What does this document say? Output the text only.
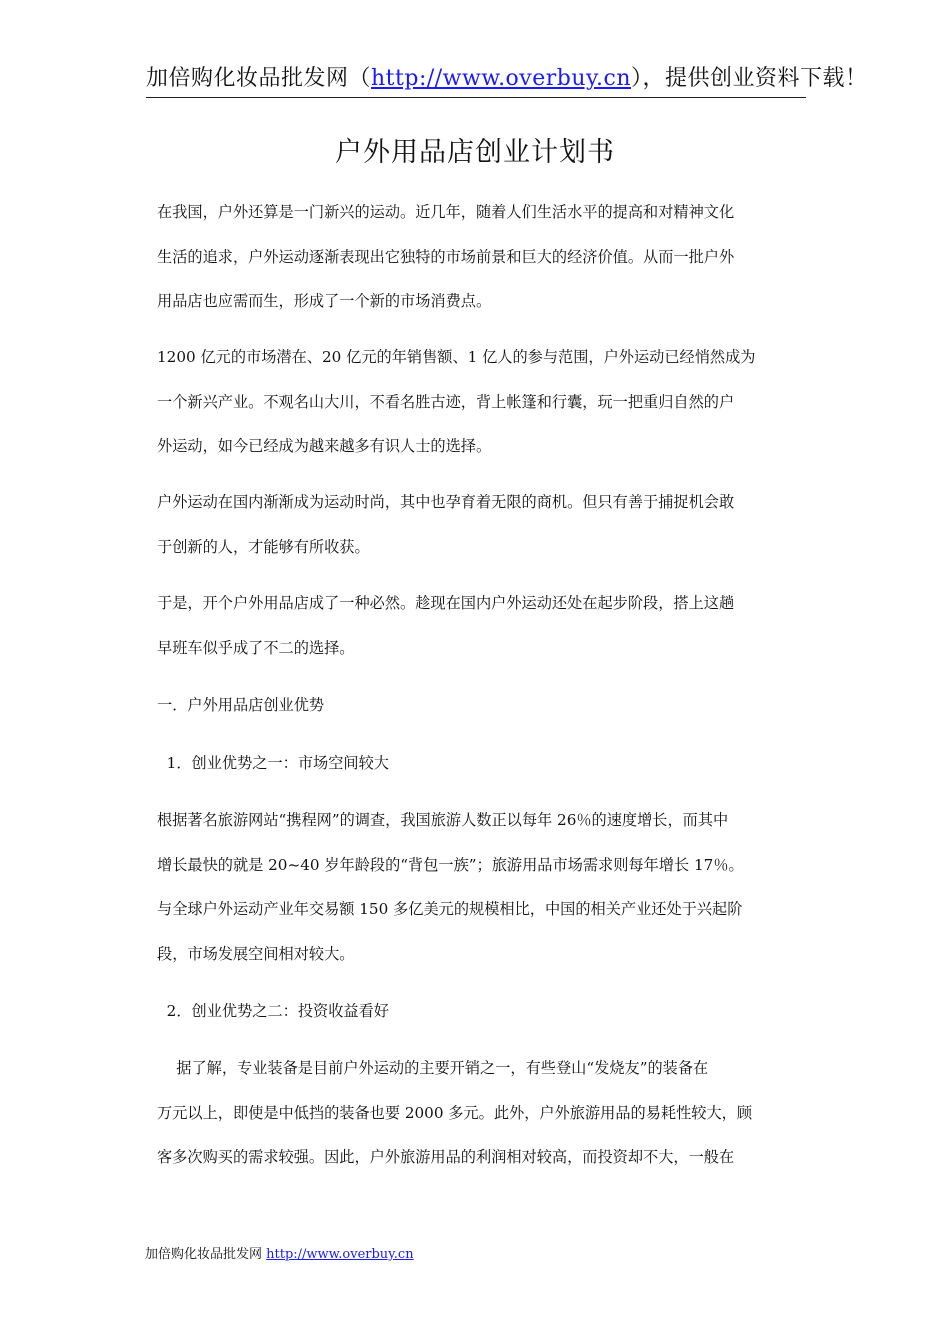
加倍购化妆品批发网（http://www.overbuy.cn），提供创业资料下载！
户外用品店创业计划书
在我国，户外还算是一门新兴的运动。近几年，随着人们生活水平的提高和对精神文化
生活的追求，户外运动逐渐表现出它独特的市场前景和巨大的经济价值。从而一批户外
用品店也应需而生，形成了一个新的市场消费点。
1200 亿元的市场潜在、20 亿元的年销售额、1 亿人的参与范围，户外运动已经悄然成为
一个新兴产业。不观名山大川，不看名胜古迹，背上帐篷和行囊，玩一把重归自然的户
外运动，如今已经成为越来越多有识人士的选择。
户外运动在国内渐渐成为运动时尚，其中也孕育着无限的商机。但只有善于捕捉机会敢
于创新的人，才能够有所收获。
于是，开个户外用品店成了一种必然。趁现在国内户外运动还处在起步阶段，搭上这趟
早班车似乎成了不二的选择。
一．户外用品店创业优势
1．创业优势之一：市场空间较大
根据著名旅游网站“携程网”的调查，我国旅游人数正以每年 26％的速度增长，而其中
增长最快的就是 20~40 岁年龄段的“背包一族”；旅游用品市场需求则每年增长 17％。
与全球户外运动产业年交易额 150 多亿美元的规模相比，中国的相关产业还处于兴起阶
段，市场发展空间相对较大。
2．创业优势之二：投资收益看好
据了解，专业装备是目前户外运动的主要开销之一，有些登山“发烧友”的装备在
万元以上，即使是中低挡的装备也要 2000 多元。此外，户外旅游用品的易耗性较大，顾
客多次购买的需求较强。因此，户外旅游用品的利润相对较高，而投资却不大，一般在
加倍购化妆品批发网 http://www.overbuy.cn
